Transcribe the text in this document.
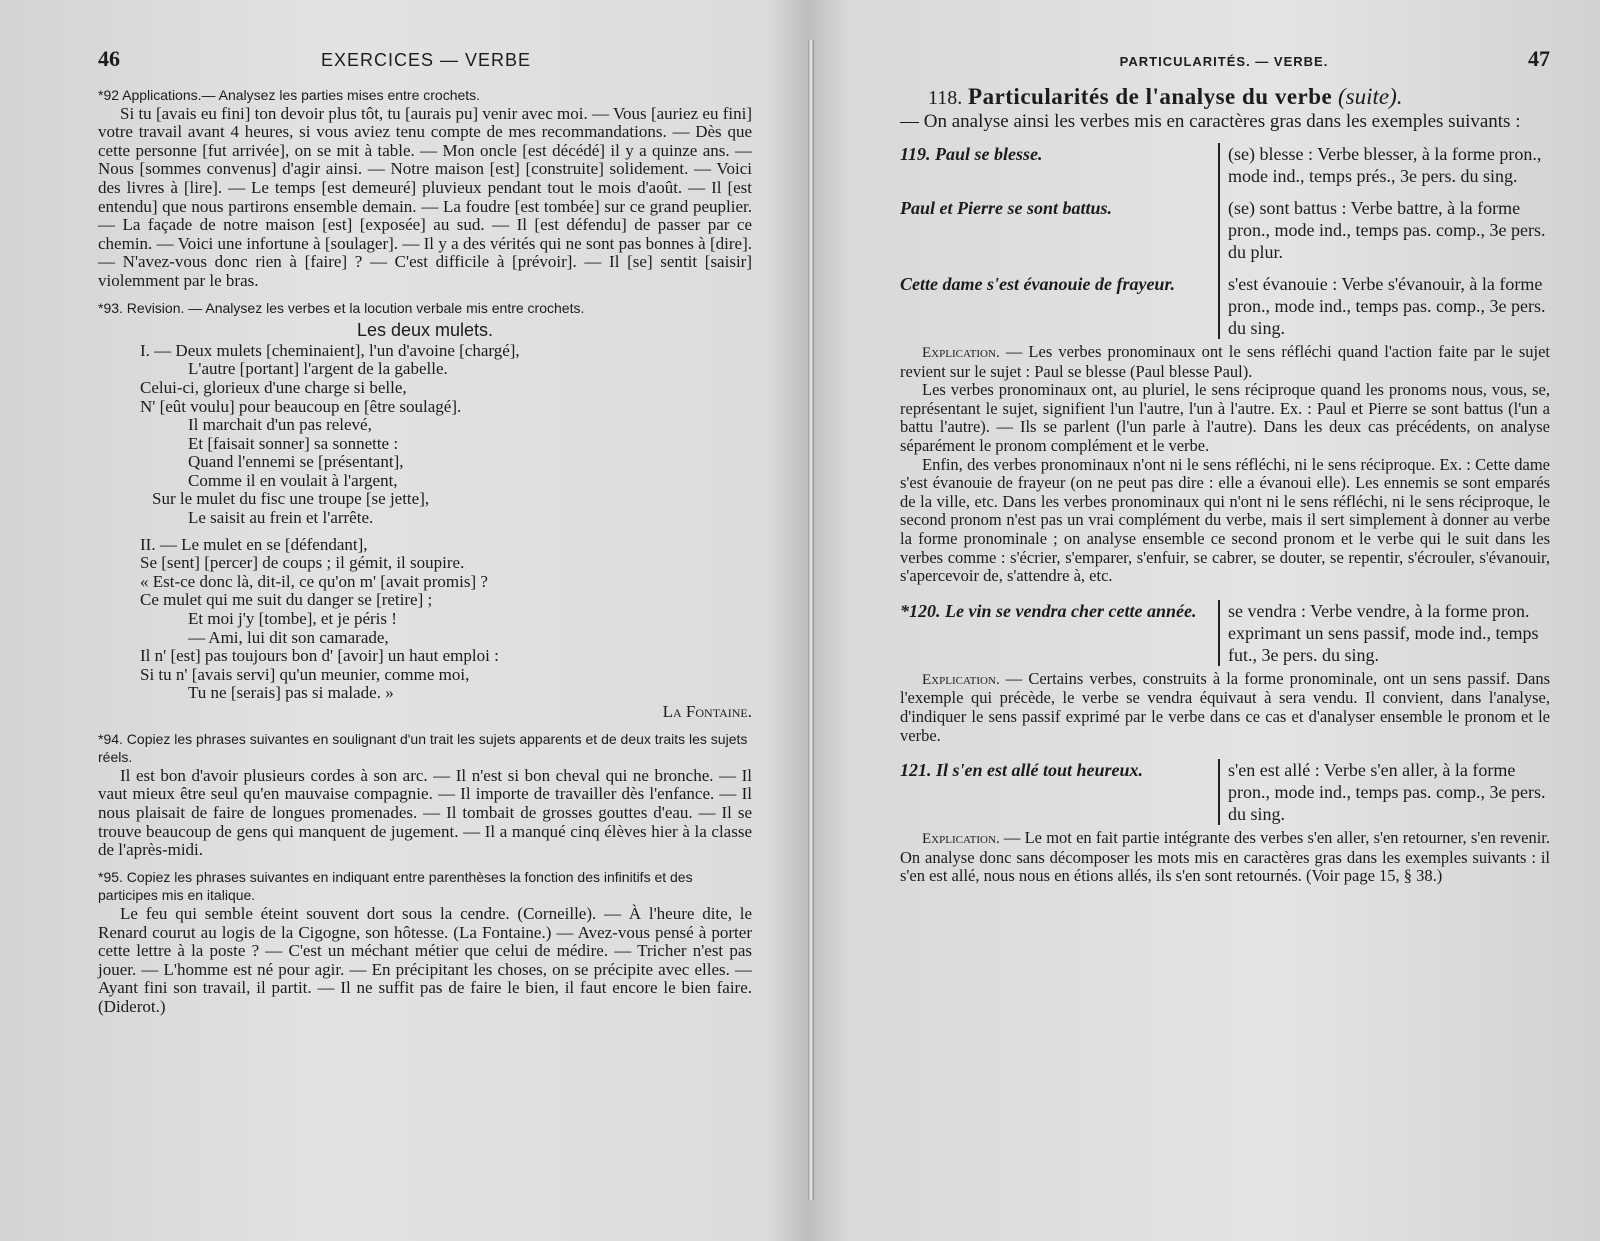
46	EXERCICES — VERBE
*92 Applications.— Analysez les parties mises entre crochets.

Si tu [avais eu fini] ton devoir plus tôt, tu [aurais pu] venir avec moi. — Vous [auriez eu fini] votre travail avant 4 heures, si vous aviez tenu compte de mes recommandations. — Dès que cette personne [fut arrivée], on se mit à table. — Mon oncle [est décédé] il y a quinze ans. — Nous [sommes convenus] d'agir ainsi. — Notre maison [est] [construite] solidement. — Voici des livres à [lire]. — Le temps [est demeuré] pluvieux pendant tout le mois d'août. — Il [est entendu] que nous partirons ensemble demain. — La foudre [est tombée] sur ce grand peuplier. — La façade de notre maison [est] [exposée] au sud. — Il [est défendu] de passer par ce chemin. — Voici une infortune à [soulager]. — Il y a des vérités qui ne sont pas bonnes à [dire]. — N'avez-vous donc rien à [faire] ? — C'est difficile à [prévoir]. — Il [se] sentit [saisir] violemment par le bras.

*93. Revision. — Analysez les verbes et la locution verbale mis entre crochets.
Les deux mulets.
I. — Deux mulets [cheminaient], l'un d'avoine [chargé],
L'autre [portant] l'argent de la gabelle.
Celui-ci, glorieux d'une charge si belle,
N' [eût voulu] pour beaucoup en [être soulagé].
Il marchait d'un pas relevé,
Et [faisait sonner] sa sonnette :
Quand l'ennemi se [présentant],
Comme il en voulait à l'argent,
Sur le mulet du fisc une troupe [se jette],
Le saisit au frein et l'arrête.
II. — Le mulet en se [défendant],
Se [sent] [percer] de coups ; il gémit, il soupire.
« Est-ce donc là, dit-il, ce qu'on m' [avait promis] ?
Ce mulet qui me suit du danger se [retire] ;
Et moi j'y [tombe], et je péris !
— Ami, lui dit son camarade,
Il n' [est] pas toujours bon d' [avoir] un haut emploi :
Si tu n' [avais servi] qu'un meunier, comme moi,
Tu ne [serais] pas si malade. »
La Fontaine.
*94. Copiez les phrases suivantes en soulignant d'un trait les sujets apparents et de deux traits les sujets réels.

Il est bon d'avoir plusieurs cordes à son arc. — Il n'est si bon cheval qui ne bronche. — Il vaut mieux être seul qu'en mauvaise compagnie. — Il importe de travailler dès l'enfance. — Il nous plaisait de faire de longues promenades. — Il tombait de grosses gouttes d'eau. — Il se trouve beaucoup de gens qui manquent de jugement. — Il a manqué cinq élèves hier à la classe de l'après-midi.

*95. Copiez les phrases suivantes en indiquant entre parenthèses la fonction des infinitifs et des participes mis en italique.

Le feu qui semble éteint souvent dort sous la cendre. (Corneille). — À l'heure dite, le Renard courut au logis de la Cigogne, son hôtesse. (La Fontaine.) — Avez-vous pensé à porter cette lettre à la poste ? — C'est un méchant métier que celui de médire. — Tricher n'est pas jouer. — L'homme est né pour agir. — En précipitant les choses, on se précipite avec elles. — Ayant fini son travail, il partit. — Il ne suffit pas de faire le bien, il faut encore le bien faire. (Diderot.)

PARTICULARITÉS. — VERBE.	47
118. Particularités de l'analyse du verbe (suite).

— On analyse ainsi les verbes mis en caractères gras dans les exemples suivants :

119. Paul se blesse.	(se) blesse : Verbe blesser, à la forme pron., mode ind., temps prés., 3e pers. du sing.
Paul et Pierre se sont battus.	(se) sont battus : Verbe battre, à la forme pron., mode ind., temps pas. comp., 3e pers. du plur.
Cette dame s'est évanouie de frayeur.	s'est évanouie : Verbe s'évanouir, à la forme pron., mode ind., temps pas. comp., 3e pers. du sing.

Explication. — Les verbes pronominaux ont le sens réfléchi quand l'action faite par le sujet revient sur le sujet : Paul se blesse (Paul blesse Paul).

Les verbes pronominaux ont, au pluriel, le sens réciproque quand les pronoms nous, vous, se, représentant le sujet, signifient l'un l'autre, l'un à l'autre. Ex. : Paul et Pierre se sont battus (l'un a battu l'autre). — Ils se parlent (l'un parle à l'autre). Dans les deux cas précédents, on analyse séparément le pronom complément et le verbe.

Enfin, des verbes pronominaux n'ont ni le sens réfléchi, ni le sens réciproque. Ex. : Cette dame s'est évanouie de frayeur (on ne peut pas dire : elle a évanoui elle). Les ennemis se sont emparés de la ville, etc. Dans les verbes pronominaux qui n'ont ni le sens réfléchi, ni le sens réciproque, le second pronom n'est pas un vrai complément du verbe, mais il sert simplement à donner au verbe la forme pronominale ; on analyse ensemble ce second pronom et le verbe qui le suit dans les verbes comme : s'écrier, s'emparer, s'enfuir, se cabrer, se douter, se repentir, s'écrouler, s'évanouir, s'apercevoir de, s'attendre à, etc.

*120. Le vin se vendra cher cette année.	se vendra : Verbe vendre, à la forme pron. exprimant un sens passif, mode ind., temps fut., 3e pers. du sing.

Explication. — Certains verbes, construits à la forme pronominale, ont un sens passif. Dans l'exemple qui précède, le verbe se vendra équivaut à sera vendu. Il convient, dans l'analyse, d'indiquer le sens passif exprimé par le verbe dans ce cas et d'analyser ensemble le pronom et le verbe.

121. Il s'en est allé tout heureux.	s'en est allé : Verbe s'en aller, à la forme pron., mode ind., temps pas. comp., 3e pers. du sing.

Explication. — Le mot en fait partie intégrante des verbes s'en aller, s'en retourner, s'en revenir. On analyse donc sans décomposer les mots mis en caractères gras dans les exemples suivants : il s'en est allé, nous nous en étions allés, ils s'en sont retournés. (Voir page 15, § 38.)
